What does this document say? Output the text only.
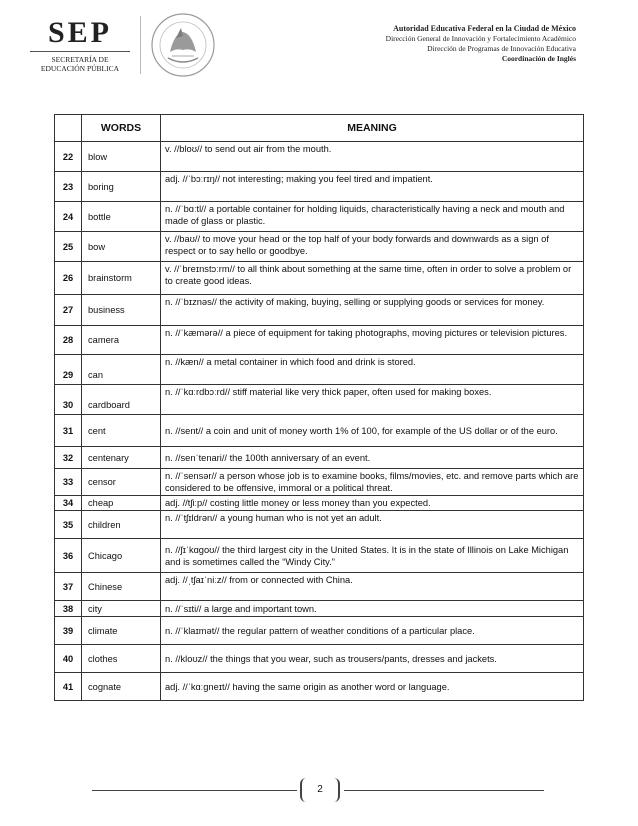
SEP
SECRETARÍA DE
EDUCACIÓN PÚBLICA
Autoridad Educativa Federal en la Ciudad de México
Dirección General de Innovación y Fortalecimiento Académico
Dirección de Programas de Innovación Educativa
Coordinación de Inglés
	WORDS	MEANING
22	blow	v. //bloʊ// to send out air from the mouth.
23	boring	adj. //ˈbɔːrɪŋ// not interesting; making you feel tired and impatient.
24	bottle	n. //ˈbɑːtl// a portable container for holding liquids, characteristically having a neck and mouth and made of glass or plastic.
25	bow	v. //baʊ// to move your head or the top half of your body forwards and downwards as a sign of respect or to say hello or goodbye.
26	brainstorm	v. //ˈbreɪnstɔːrm// to all think about something at the same time, often in order to solve a problem or to create good ideas.
27	business	n. //ˈbɪznəs// the activity of making, buying, selling or supplying goods or services for money.
28	camera	n. //ˈkæmərə// a piece of equipment for taking photographs, moving pictures or television pictures.
29	can	n. //kæn// a metal container in which food and drink is stored.
30	cardboard	n. //ˈkɑːrdbɔːrd// stiff material like very thick paper, often used for making boxes.
31	cent	n. //sent// a coin and unit of money worth 1% of 100, for example of the US dollar or of the euro.
32	centenary	n. //senˈtenari// the 100th anniversary of an event.
33	censor	n. //ˈsensər// a person whose job is to examine books, films/movies, etc. and remove parts which are considered to be offensive, immoral or a political threat.
34	cheap	adj. //tʃiːp// costing little money or less money than you expected.
35	children	n. //ˈtʃɪldrən// a young human who is not yet an adult.
36	Chicago	n. //ʃɪˈkɑgoʊ// the third largest city in the United States. It is in the state of Illinois on Lake Michigan and is sometimes called the “Windy City.”
37	Chinese	adj. //ˌtʃaɪˈniːz// from or connected with China.
38	city	n. //ˈsɪti// a large and important town.
39	climate	n. //ˈklaɪmət// the regular pattern of weather conditions of a particular place.
40	clothes	n. //kloʊz// the things that you wear, such as trousers/pants, dresses and jackets.
41	cognate	adj. //ˈkɑːɡneɪt// having the same origin as another word or language.
2
